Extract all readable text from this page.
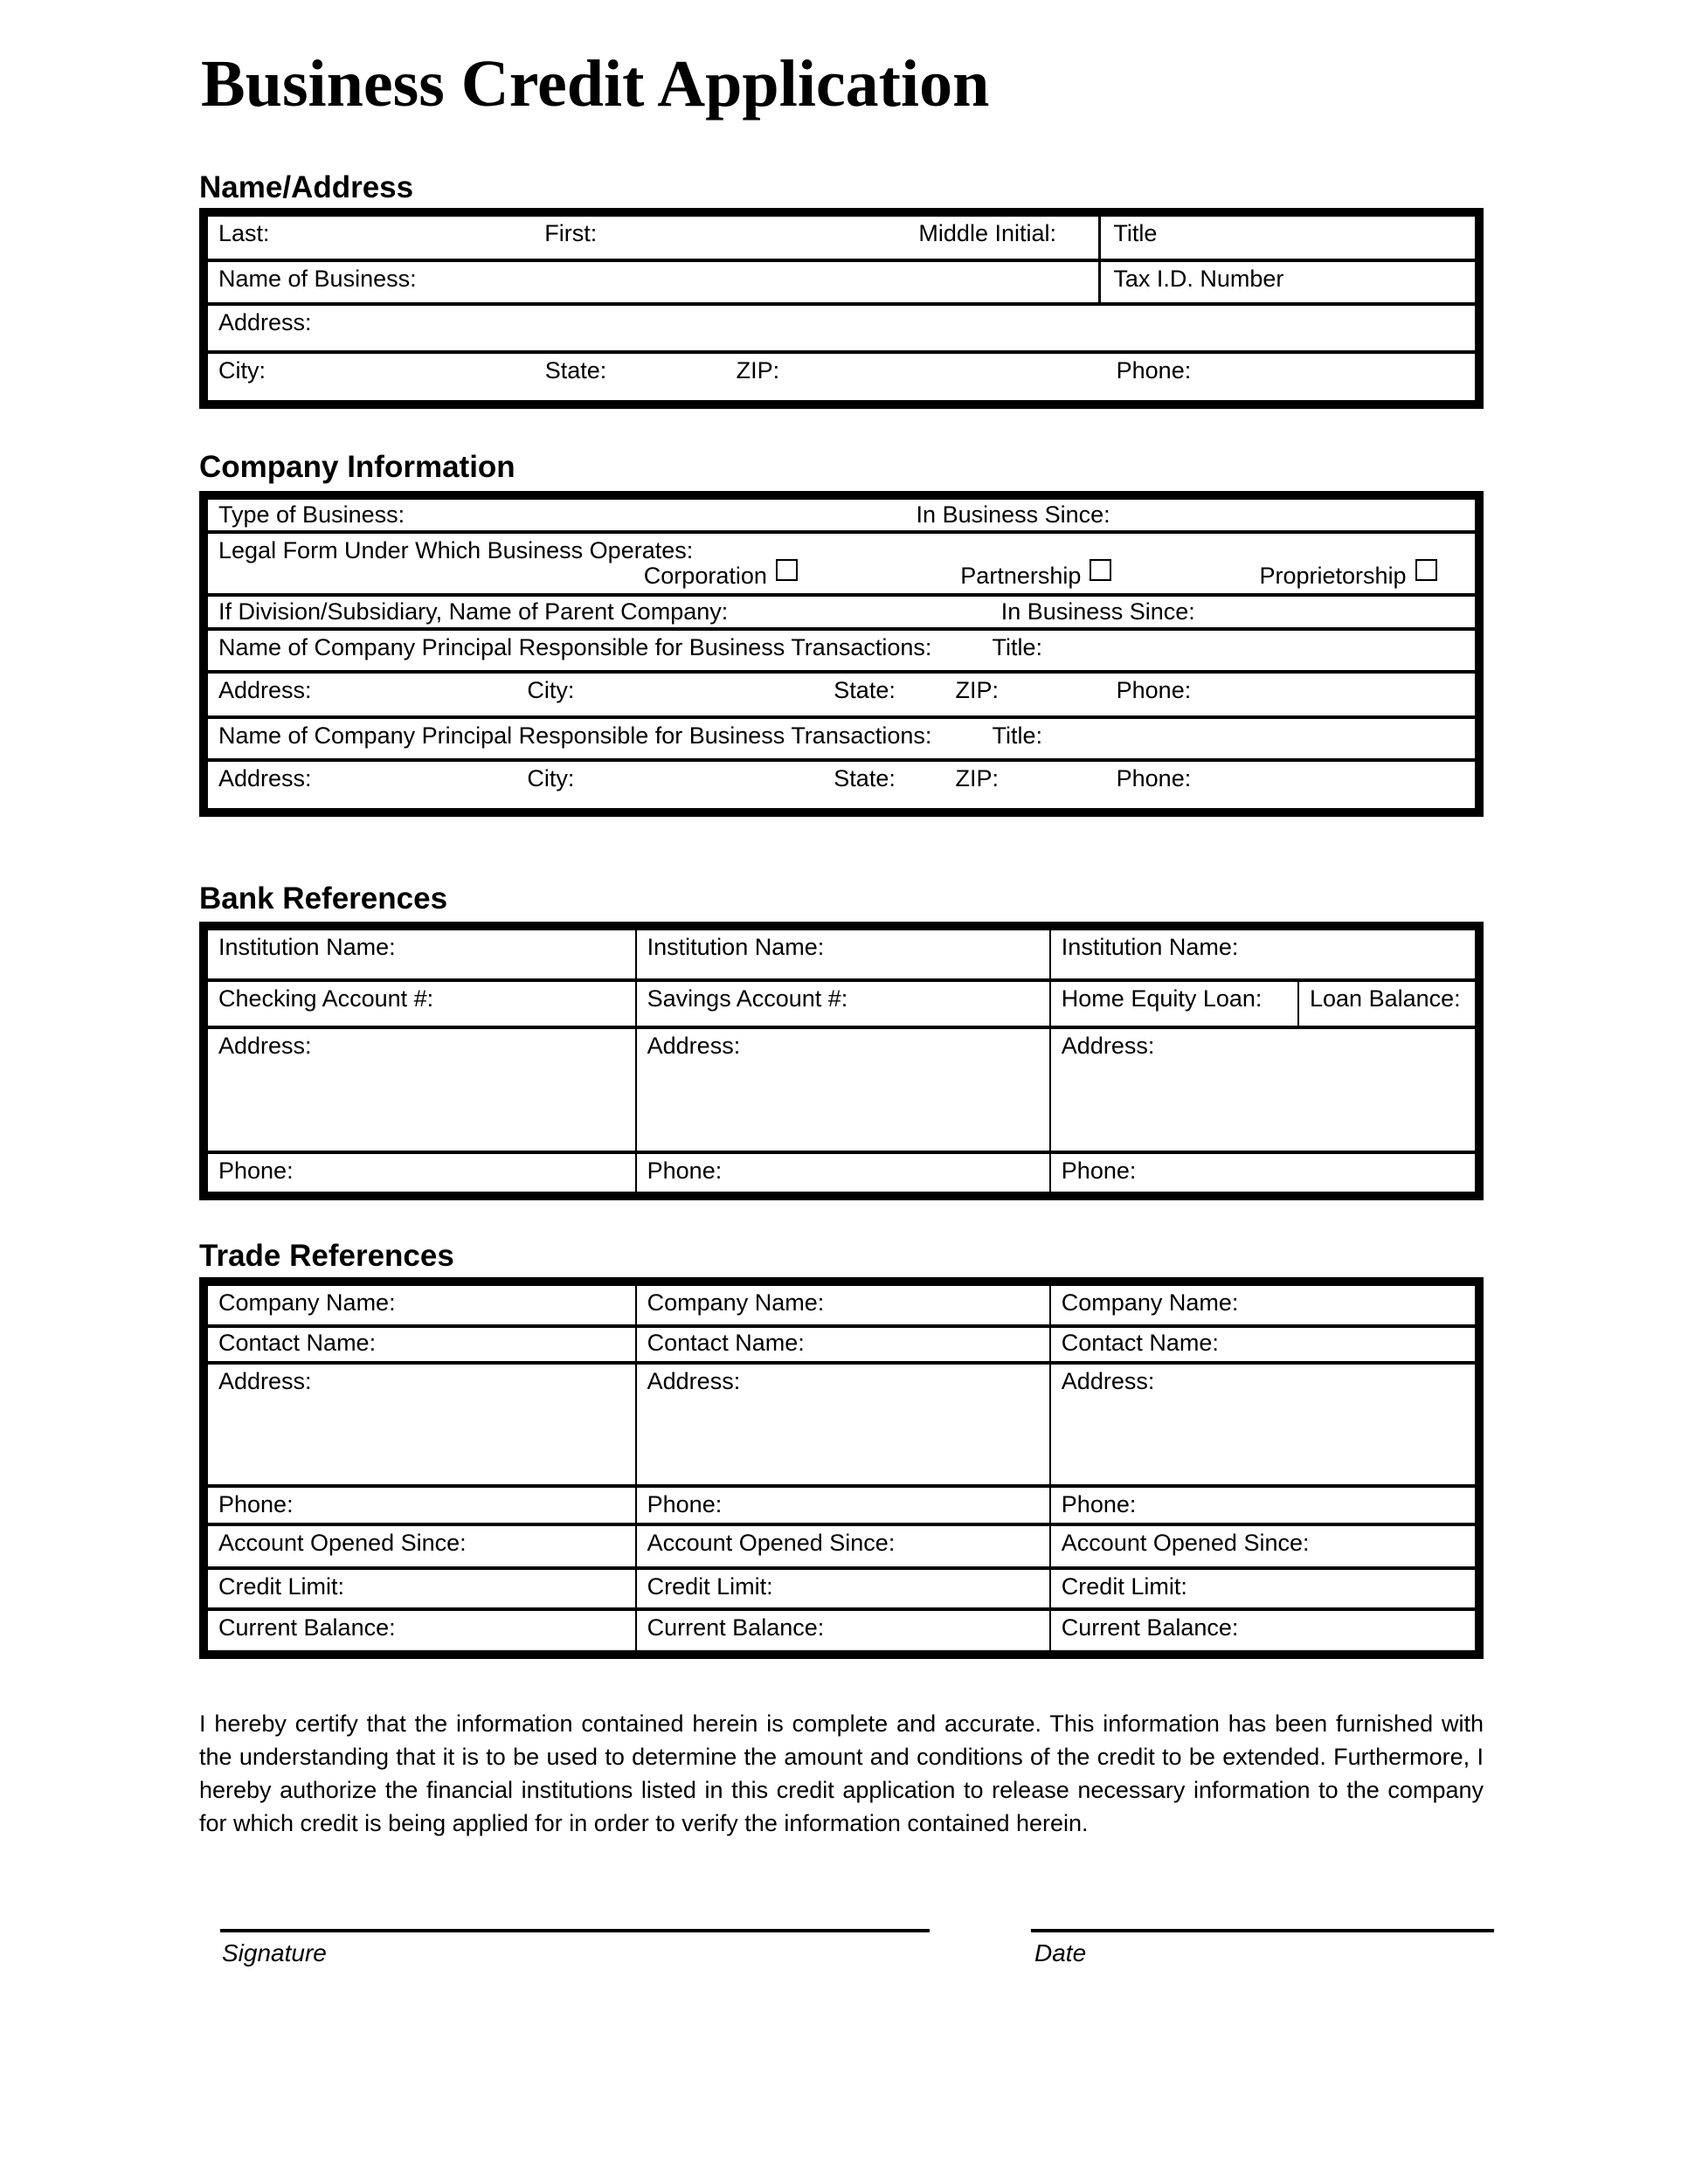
Business Credit Application
Name/Address
Last:	First:	Middle Initial: Title
Name of Business:	Tax I.D. Number
Address:
City:	State:	ZIP:	Phone:
Company Information
Type of Business:	In Business Since:
Legal Form Under Which Business Operates:
Corporation	Partnership	Proprietorship
If Division/Subsidiary, Name of Parent Company:	In Business Since:
Name of Company Principal Responsible for Business Transactions:	Title:
Address:	City:	State:	ZIP:	Phone:
Name of Company Principal Responsible for Business Transactions:	Title:
Address:	City:	State:	ZIP:	Phone:
Bank References
Institution Name:	Institution Name:	Institution Name:
Checking Account #:	Savings Account #:	Home Equity Loan: Loan Balance:
Address:	Address:	Address:
Phone:	Phone:	Phone:
Trade References
Company Name:	Company Name:	Company Name:
Contact Name:	Contact Name:	Contact Name:
Address:	Address:	Address:
Phone:	Phone:	Phone:
Account Opened Since:	Account Opened Since:	Account Opened Since:
Credit Limit:	Credit Limit:	Credit Limit:
Current Balance:	Current Balance:	Current Balance:

I hereby certify that the information contained herein is complete and accurate. This information has been furnished with the understanding that it is to be used to determine the amount and conditions of the credit to be extended. Furthermore, I hereby authorize the financial institutions listed in this credit application to release necessary information to the company for which credit is being applied for in order to verify the information contained herein.

Signature	Date
